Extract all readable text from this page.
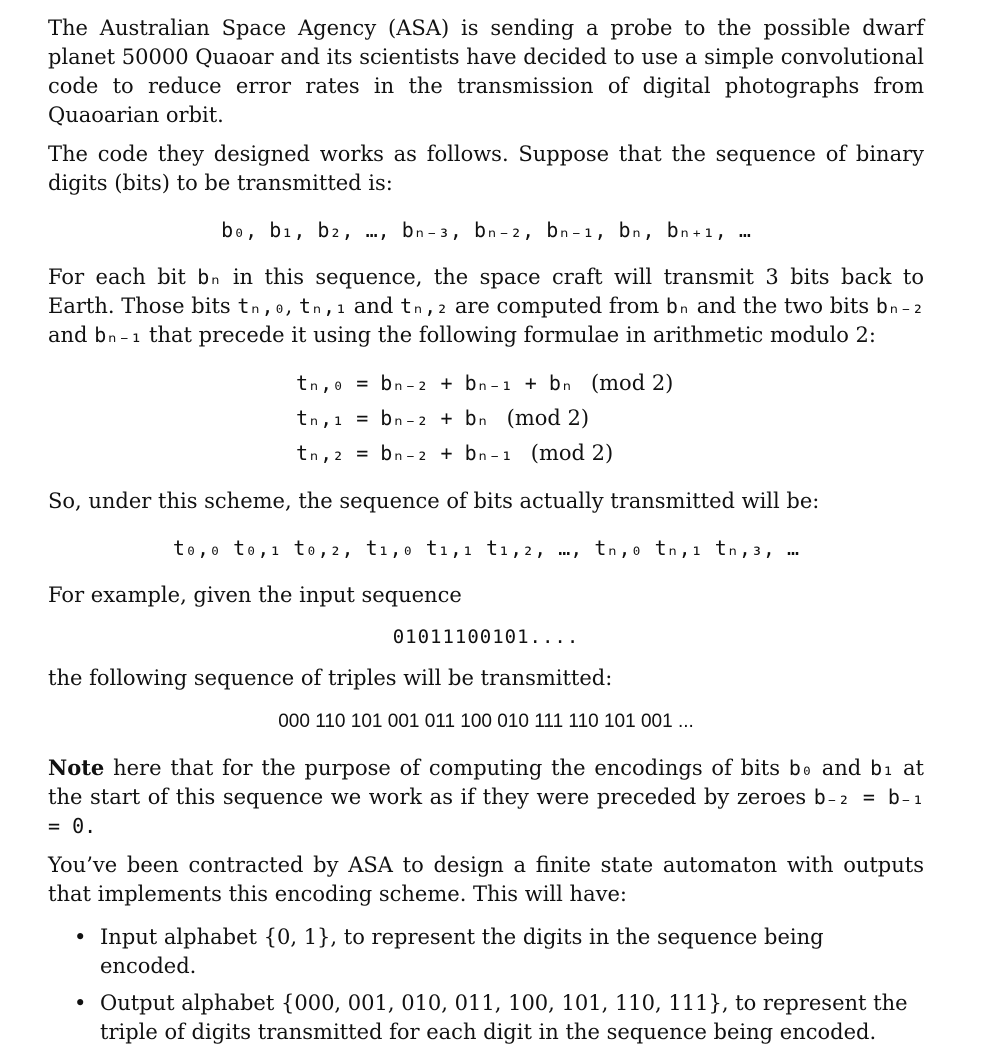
The Australian Space Agency (ASA) is sending a probe to the possible dwarf planet 50000 Quaoar and its scientists have decided to use a simple convolutional code to reduce error rates in the transmission of digital photographs from Quaoarian orbit.

The code they designed works as follows. Suppose that the sequence of binary digits (bits) to be transmitted is:

b₀, b₁, b₂, …, bₙ₋₃, bₙ₋₂, bₙ₋₁, bₙ, bₙ₊₁, …

For each bit bₙ in this sequence, the space craft will transmit 3 bits back to Earth. Those bits tₙ,₀, tₙ,₁ and tₙ,₂ are computed from bₙ and the two bits bₙ₋₂ and bₙ₋₁ that precede it using the following formulae in arithmetic modulo 2:

tₙ,₀ = bₙ₋₂ + bₙ₋₁ + bₙ (mod 2)
tₙ,₁ = bₙ₋₂ + bₙ (mod 2)
tₙ,₂ = bₙ₋₂ + bₙ₋₁ (mod 2)

So, under this scheme, the sequence of bits actually transmitted will be:

t₀,₀ t₀,₁ t₀,₂, t₁,₀ t₁,₁ t₁,₂, …, tₙ,₀ tₙ,₁ tₙ,₃, …

For example, given the input sequence

01011100101....

the following sequence of triples will be transmitted:

000 110 101 001 011 100 010 111 110 101 001 ...

Note here that for the purpose of computing the encodings of bits b₀ and b₁ at the start of this sequence we work as if they were preceded by zeroes b₋₂ = b₋₁ = 0.

You’ve been contracted by ASA to design a finite state automaton with outputs that implements this encoding scheme. This will have:

• Input alphabet {0, 1}, to represent the digits in the sequence being encoded.
• Output alphabet {000, 001, 010, 011, 100, 101, 110, 111}, to represent the triple of digits transmitted for each digit in the sequence being encoded.
